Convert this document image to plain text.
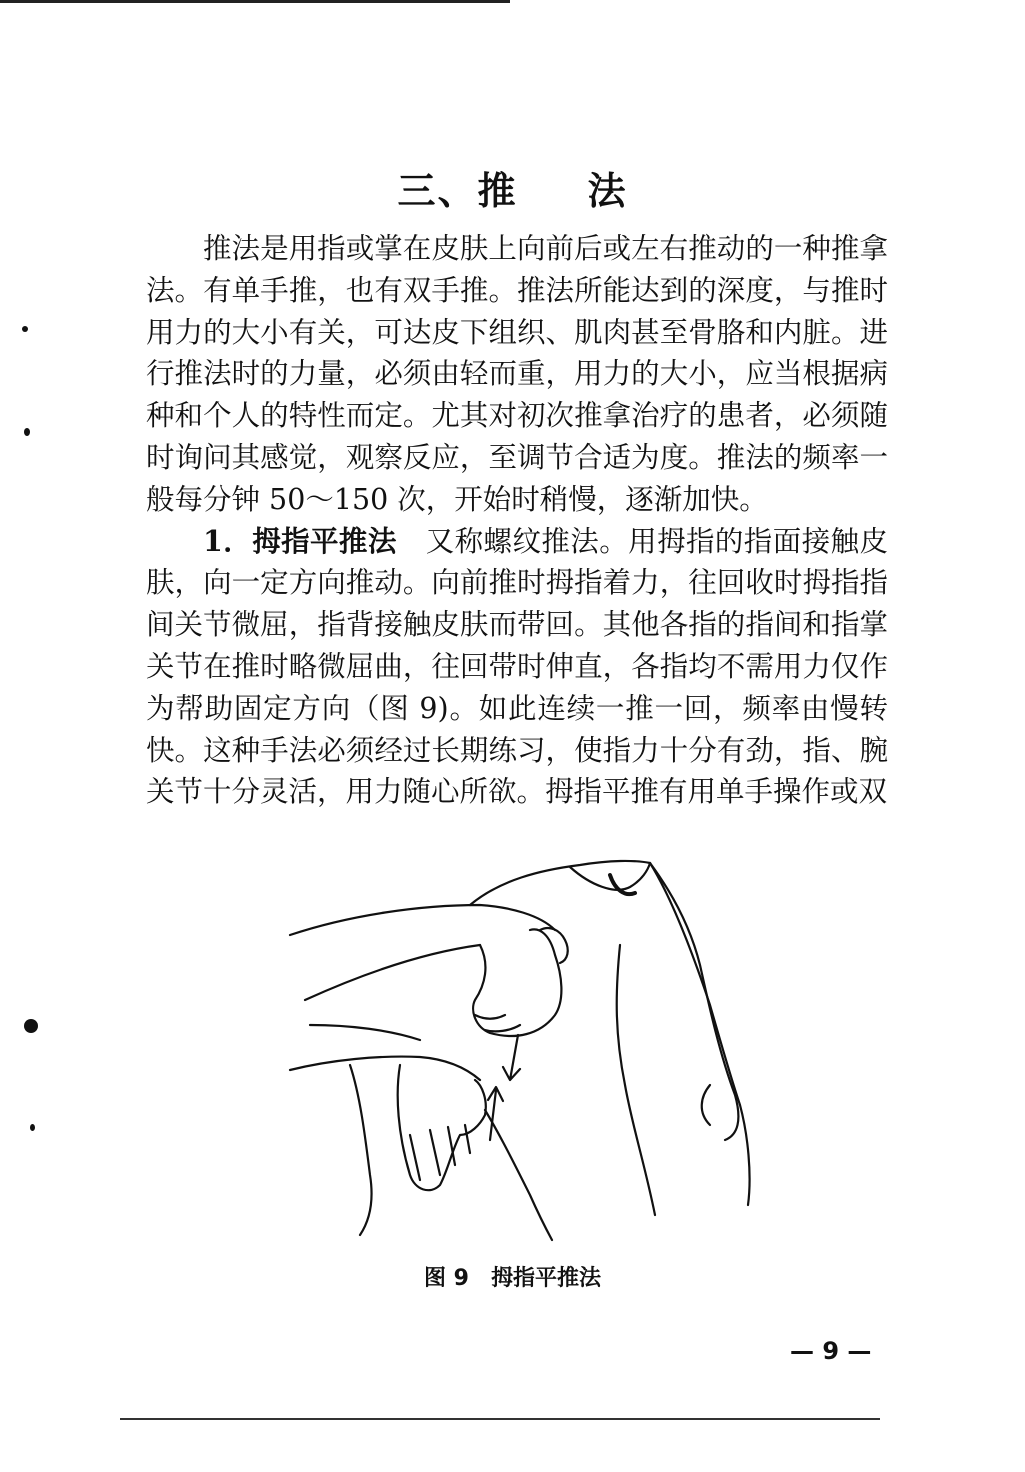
三、推 法

推法是用指或掌在皮肤上向前后或左右推动的一种推拿法。有单手推，也有双手推。推法所能达到的深度，与推时用力的大小有关，可达皮下组织、肌肉甚至骨胳和内脏。进行推法时的力量，必须由轻而重，用力的大小，应当根据病种和个人的特性而定。尤其对初次推拿治疗的患者，必须随时询问其感觉，观察反应，至调节合适为度。推法的频率一般每分钟 50～150 次，开始时稍慢，逐渐加快。

1．拇指平推法　 又称螺纹推法。用拇指的指面接触皮肤，向一定方向推动。向前推时拇指着力，往回收时拇指指间关节微屈，指背接触皮肤而带回。其他各指的指间和指掌关节在推时略微屈曲，往回带时伸直，各指均不需用力仅作为帮助固定方向（图 9)。如此连续一推一回，频率由慢转快。这种手法必须经过长期练习，使指力十分有劲，指、腕关节十分灵活，用力随心所欲。拇指平推有用单手操作或双

图 9 拇指平推法
— 9 —
